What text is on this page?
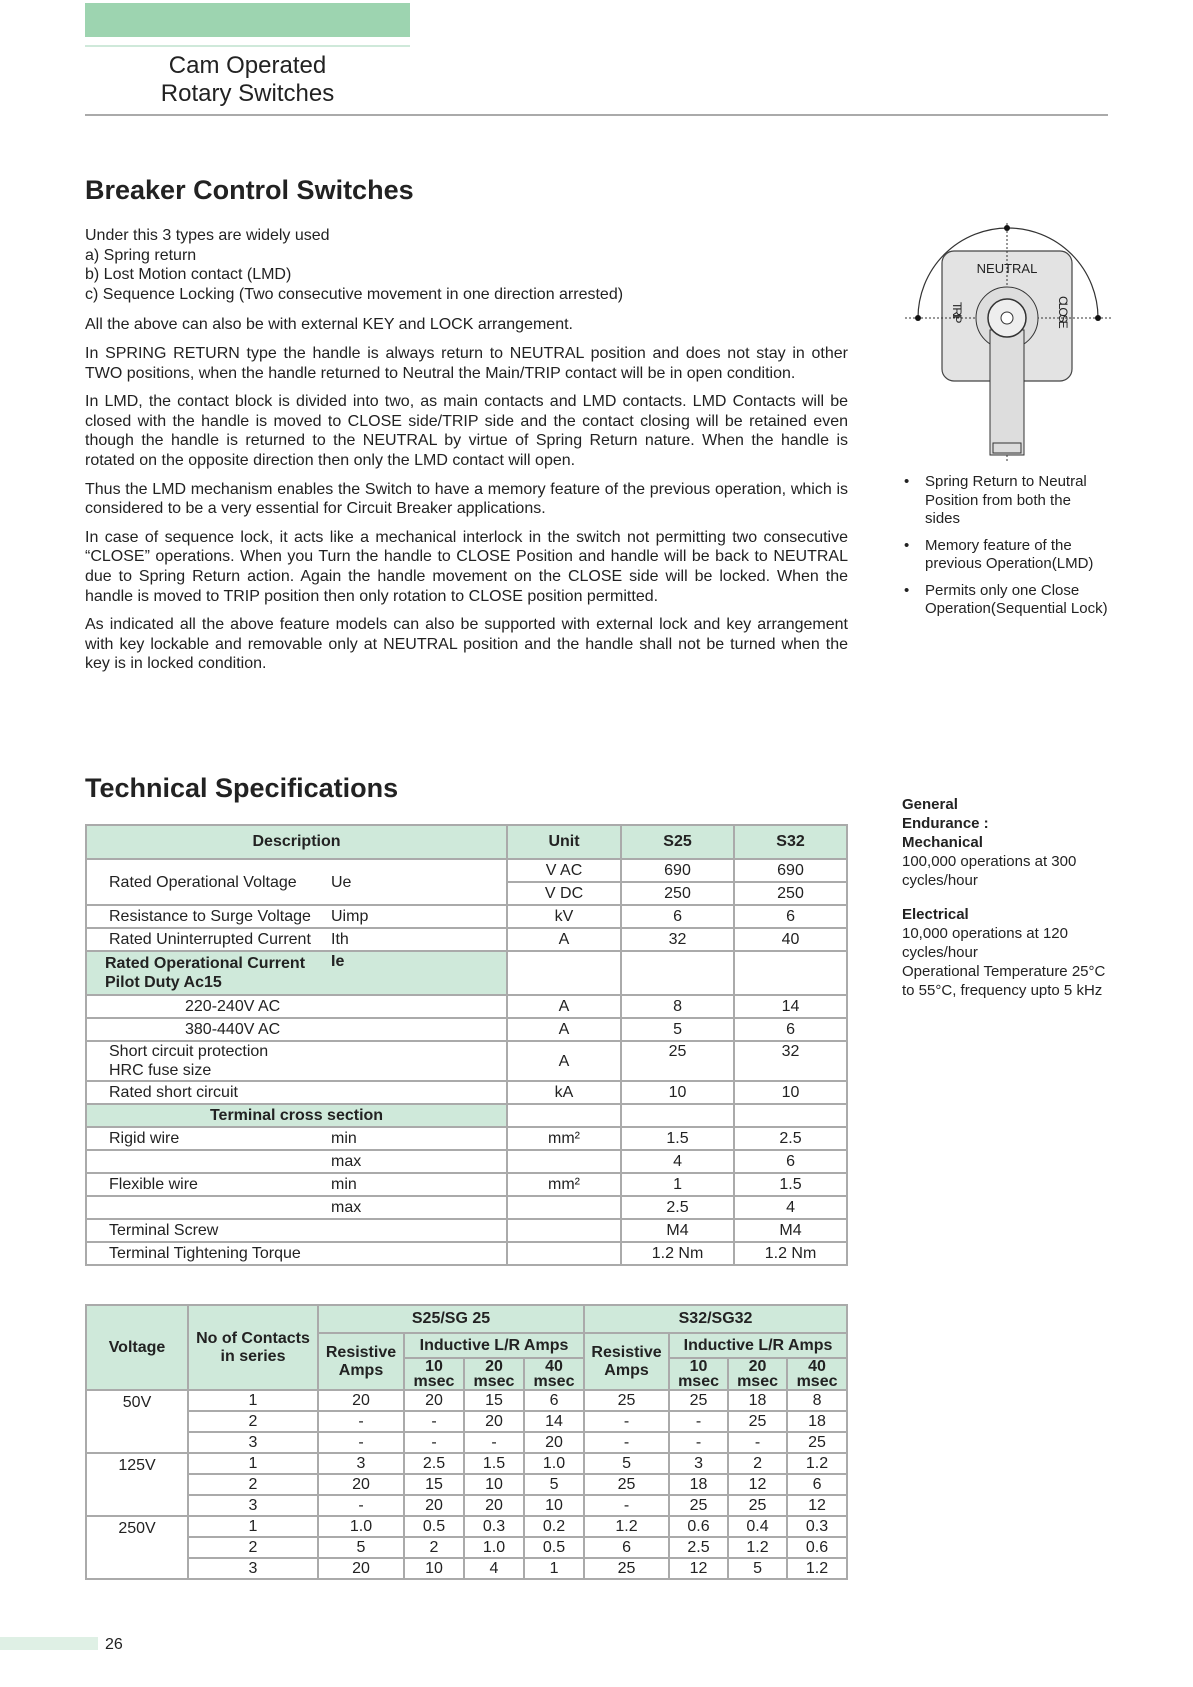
Cam Operated
Rotary Switches
Breaker Control Switches

Under this 3 types are widely used

a) Spring return

b) Lost Motion contact (LMD)

c) Sequence Locking (Two consecutive movement in one direction arrested)

All the above can also be with external KEY and LOCK arrangement.

In SPRING RETURN type the handle is always return to NEUTRAL position and does not stay in other TWO positions, when the handle returned to Neutral the Main/TRIP contact will be in open condition.

In LMD, the contact block is divided into two, as main contacts and LMD contacts. LMD Contacts will be closed with the handle is moved to CLOSE side/TRIP side and the contact closing will be retained even though the handle is returned to the NEUTRAL by virtue of Spring Return nature. When the handle is rotated on the opposite direction then only the LMD contact will open.

Thus the LMD mechanism enables the Switch to have a memory feature of the previous operation, which is considered to be a very essential for Circuit Breaker applications.

In case of sequence lock, it acts like a mechanical interlock in the switch not permitting two consecutive “CLOSE” operations. When you Turn the handle to CLOSE Position and handle will be back to NEUTRAL due to Spring Return action. Again the handle movement on the CLOSE side will be locked. When the handle is moved to TRIP position then only rotation to CLOSE position permitted.

As indicated all the above feature models can also be supported with external lock and key arrangement with key lockable and removable only at NEUTRAL position and the handle shall not be turned when the key is in locked condition.

NEUTRAL
TRIP	CLOSE
• Spring Return to Neutral Position from both the sides
• Memory feature of the previous Operation(LMD)
• Permits only one Close Operation(Sequential Lock)
Technical Specifications
General
Endurance :
Mechanical
100,000 operations at 300 cycles/hour
Electrical
10,000 operations at 120 cycles/hour
Operational Temperature 25°C to 55°C, frequency upto 5 kHz
Description		Unit	S25	S32
Rated Operational Voltage	Ue	V AC	690	690
		V DC	250	250
Resistance to Surge Voltage	Uimp	kV	6	6
Rated Uninterrupted Current	Ith	A	32	40

Rated Operational Current
Pilot Duty Ac15	Ie			
220-240V AC		A	8	14
380-440V AC		A	5	6

Short circuit protection
HRC fuse size		A	25	32
Rated short circuit		kA	10	10
Terminal cross section				
Rigid wire	min	mm²	1.5	2.5
	max		4	6
Flexible wire	min	mm²	1	1.5
	max		2.5	4
Terminal Screw			M4	M4
Terminal Tightening Torque			1.2 Nm	1.2 Nm
Voltage	No of Contacts in series	S25/SG 25				S32/SG32			
		Resistive Amps	Inductive L/R Amps			Resistive Amps	Inductive L/R Amps		
			10 msec	20 msec	40 msec		10 msec	20 msec	40 msec
50V	1	20	20	15	6	25	25	18	8
	2	-	-	20	14	-	-	25	18
	3	-	-	-	20	-	-	-	25
125V	1	3	2.5	1.5	1.0	5	3	2	1.2
	2	20	15	10	5	25	18	12	6
	3	-	20	20	10	-	25	25	12
250V	1	1.0	0.5	0.3	0.2	1.2	0.6	0.4	0.3
	2	5	2	1.0	0.5	6	2.5	1.2	0.6
	3	20	10	4	1	25	12	5	1.2
26
